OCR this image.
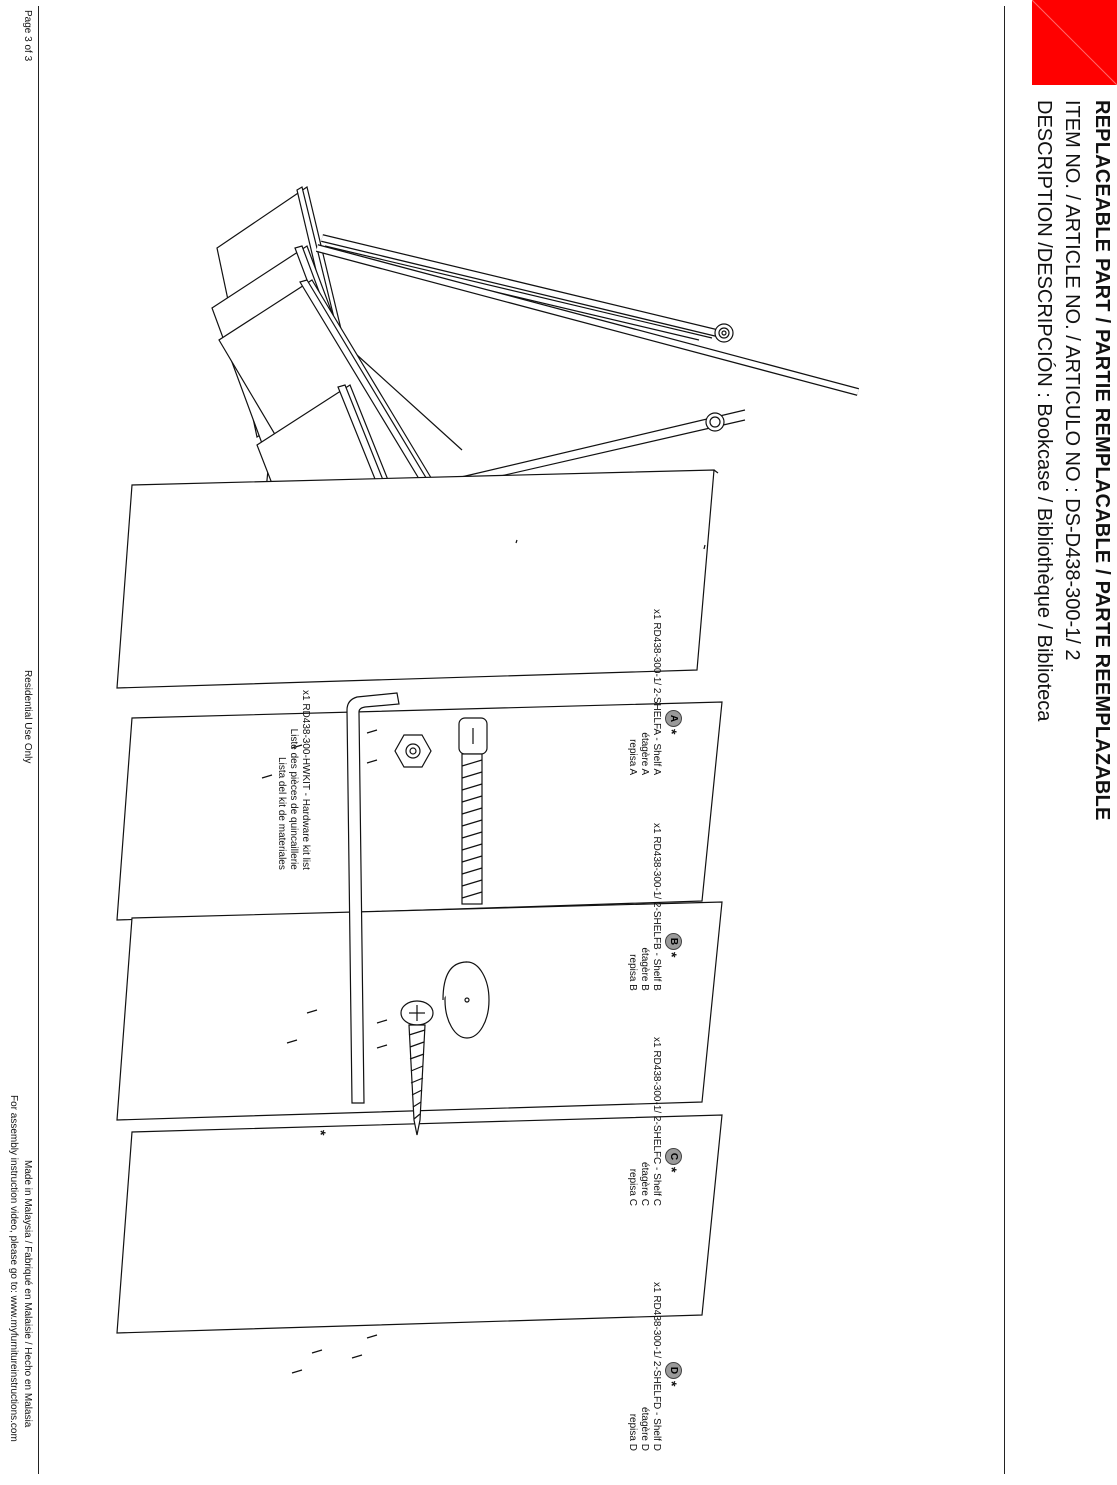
REPLACEABLE PART / PARTIE REMPLACABLE / PARTE REEMPLAZABLE
ITEM NO. / ARTICLE NO. / ARTICULO NO : DS-D438-300-1/ 2
DESCRIPTION /DESCRIPCIÓN : Bookcase / Bibliothèque / Biblioteca
A
*
x1 RD438-300-1/ 2-SHELFA - Shelf A
étagère A
repisa A
B
*
x1 RD438-300-1/ 2-SHELFB - Shelf B
étagère B
repisa B
C
*
x1 RD438-300-1/ 2-SHELFC - Shelf C
étagère C
repisa C
D
*
x1 RD438-300-1/ 2-SHELFD - Shelf D
étagère D
repisa D
*
x1 RD438-300-HWKIT - Hardware kit list
Liste des pièces de quincaillerie
Lista del kit de materiales
Page 3 of 3
Residential Use Only
Made in Malaysia / Fabriqué en Malaisie / Hecho en Malasia
For assembly instruction video, please go to: www.myfurnitureinstructions.com
